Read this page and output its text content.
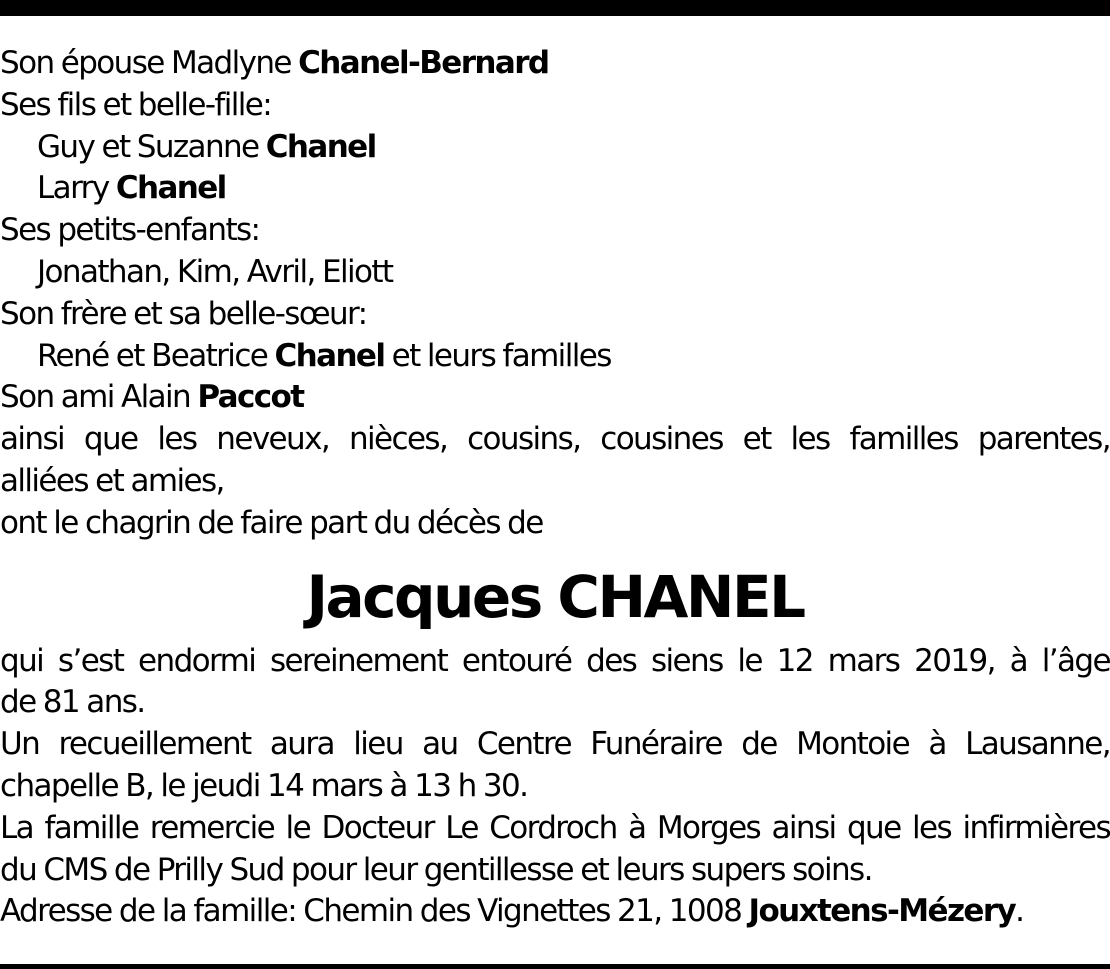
Son épouse Madlyne Chanel-Bernard
Ses fils et belle-fille:
Guy et Suzanne Chanel
Larry Chanel
Ses petits-enfants:
Jonathan, Kim, Avril, Eliott
Son frère et sa belle-sœur:
René et Beatrice Chanel et leurs familles
Son ami Alain Paccot
ainsi que les neveux, nièces, cousins, cousines et les familles parentes,
alliées et amies,
ont le chagrin de faire part du décès de
Jacques CHANEL
qui s’est endormi sereinement entouré des siens le 12 mars 2019, à l’âge
de 81 ans.
Un recueillement aura lieu au Centre Funéraire de Montoie à Lausanne,
chapelle B, le jeudi 14 mars à 13 h 30.
La famille remercie le Docteur Le Cordroch à Morges ainsi que les infirmières
du CMS de Prilly Sud pour leur gentillesse et leurs supers soins.
Adresse de la famille: Chemin des Vignettes 21, 1008 Jouxtens-Mézery.
